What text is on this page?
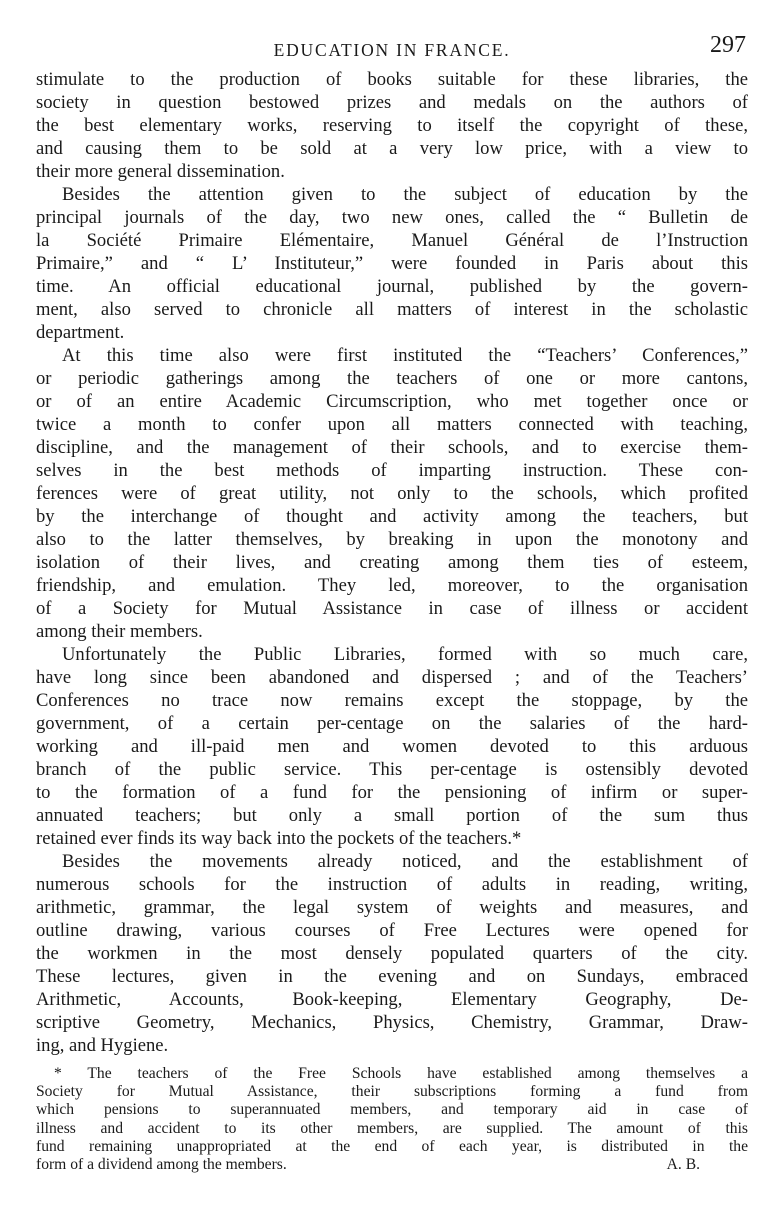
EDUCATION IN FRANCE.	297
stimulate to the production of books suitable for these libraries, the
society in question bestowed prizes and medals on the authors of
the best elementary works, reserving to itself the copyright of these,
and causing them to be sold at a very low price, with a view to
their more general dissemination.
Besides the attention given to the subject of education by the
principal journals of the day, two new ones, called the “ Bulletin de
la Société Primaire Elémentaire, Manuel Général de l’Instruction
Primaire,” and “ L’ Instituteur,” were founded in Paris about this
time. An official educational journal, published by the govern-
ment, also served to chronicle all matters of interest in the scholastic
department.
At this time also were first instituted the “Teachers’ Conferences,”
or periodic gatherings among the teachers of one or more cantons,
or of an entire Academic Circumscription, who met together once or
twice a month to confer upon all matters connected with teaching,
discipline, and the management of their schools, and to exercise them-
selves in the best methods of imparting instruction. These con-
ferences were of great utility, not only to the schools, which profited
by the interchange of thought and activity among the teachers, but
also to the latter themselves, by breaking in upon the monotony and
isolation of their lives, and creating among them ties of esteem,
friendship, and emulation. They led, moreover, to the organisation
of a Society for Mutual Assistance in case of illness or accident
among their members.
Unfortunately the Public Libraries, formed with so much care,
have long since been abandoned and dispersed ; and of the Teachers’
Conferences no trace now remains except the stoppage, by the
government, of a certain per-centage on the salaries of the hard-
working and ill-paid men and women devoted to this arduous
branch of the public service. This per-centage is ostensibly devoted
to the formation of a fund for the pensioning of infirm or super-
annuated teachers; but only a small portion of the sum thus
retained ever finds its way back into the pockets of the teachers.*
Besides the movements already noticed, and the establishment of
numerous schools for the instruction of adults in reading, writing,
arithmetic, grammar, the legal system of weights and measures, and
outline drawing, various courses of Free Lectures were opened for
the workmen in the most densely populated quarters of the city.
These lectures, given in the evening and on Sundays, embraced
Arithmetic, Accounts, Book-keeping, Elementary Geography, De-
scriptive Geometry, Mechanics, Physics, Chemistry, Grammar, Draw-
ing, and Hygiene.
* The teachers of the Free Schools have established among themselves a
Society for Mutual Assistance, their subscriptions forming a fund from
which pensions to superannuated members, and temporary aid in case of
illness and accident to its other members, are supplied. The amount of this
fund remaining unappropriated at the end of each year, is distributed in the
form of a dividend among the members.	A. B.
